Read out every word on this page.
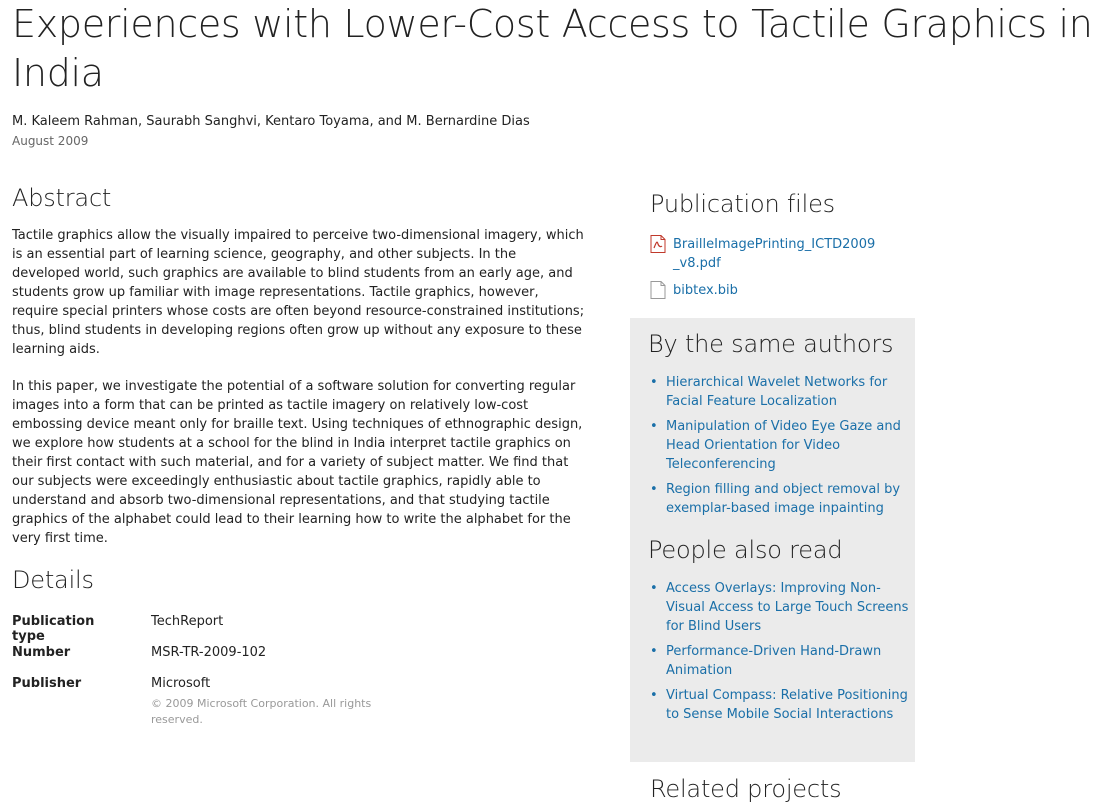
Experiences with Lower-Cost Access to Tactile Graphics in India
M. Kaleem Rahman, Saurabh Sanghvi, Kentaro Toyama, and M. Bernardine Dias
August 2009
Abstract

Tactile graphics allow the visually impaired to perceive two-dimensional imagery, which is an essential part of learning science, geography, and other subjects. In the developed world, such graphics are available to blind students from an early age, and students grow up familiar with image representations. Tactile graphics, however, require special printers whose costs are often beyond resource-constrained institutions; thus, blind students in developing regions often grow up without any exposure to these learning aids.

In this paper, we investigate the potential of a software solution for converting regular images into a form that can be printed as tactile imagery on relatively low-cost embossing device meant only for braille text. Using techniques of ethnographic design, we explore how students at a school for the blind in India interpret tactile graphics on their first contact with such material, and for a variety of subject matter. We find that our subjects were exceedingly enthusiastic about tactile graphics, rapidly able to understand and absorb two-dimensional representations, and that studying tactile graphics of the alphabet could lead to their learning how to write the alphabet for the very first time.

Details
Publication type
TechReport
Number	MSR-TR-2009-102
Publisher	Microsoft
© 2009 Microsoft Corporation. All rights reserved.
Publication files
BrailleImagePrinting_ICTD2009_v8.pdf
bibtex.bib
By the same authors
• Hierarchical Wavelet Networks for Facial Feature Localization
• Manipulation of Video Eye Gaze and Head Orientation for Video Teleconferencing
• Region filling and object removal by exemplar-based image inpainting
People also read
• Access Overlays: Improving Non-Visual Access to Large Touch Screens for Blind Users
• Performance-Driven Hand-Drawn Animation
• Virtual Compass: Relative Positioning to Sense Mobile Social Interactions
Related projects
